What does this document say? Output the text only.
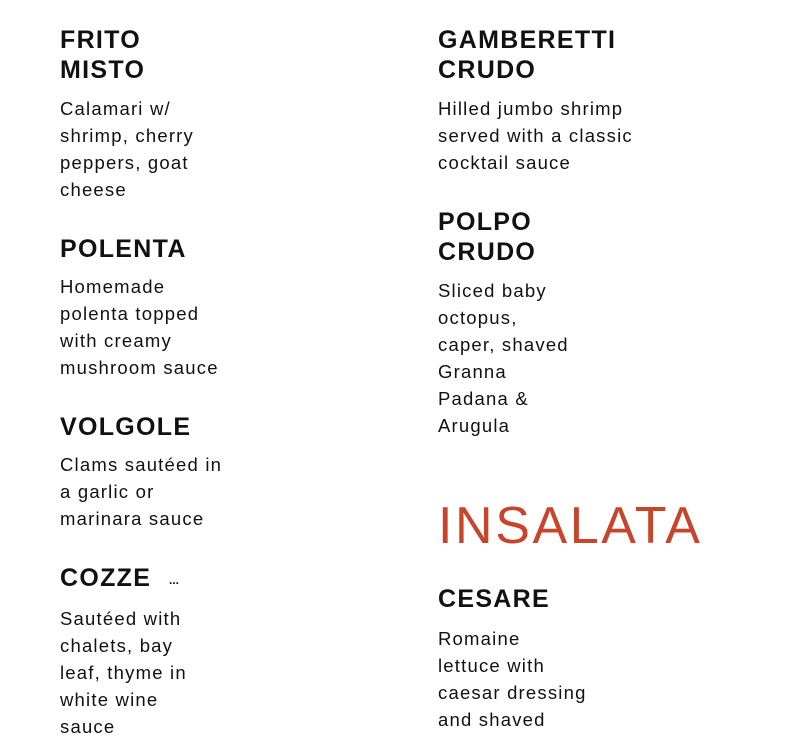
FRITO
MISTO

Calamari w/
shrimp, cherry
peppers, goat
cheese

POLENTA

Homemade
polenta topped
with creamy
mushroom sauce

VOLGOLE

Clams sautéed in
a garlic or
marinara sauce

COZZE	...

Sautéed with
chalets, bay
leaf, thyme in
white wine
sauce

GAMBERETTI
CRUDO

Hilled jumbo shrimp
served with a classic
cocktail sauce

POLPO
CRUDO

Sliced baby
octopus,
caper, shaved
Granna
Padana &
Arugula

INSALATA
CESARE

Romaine
lettuce with
caesar dressing
and shaved
